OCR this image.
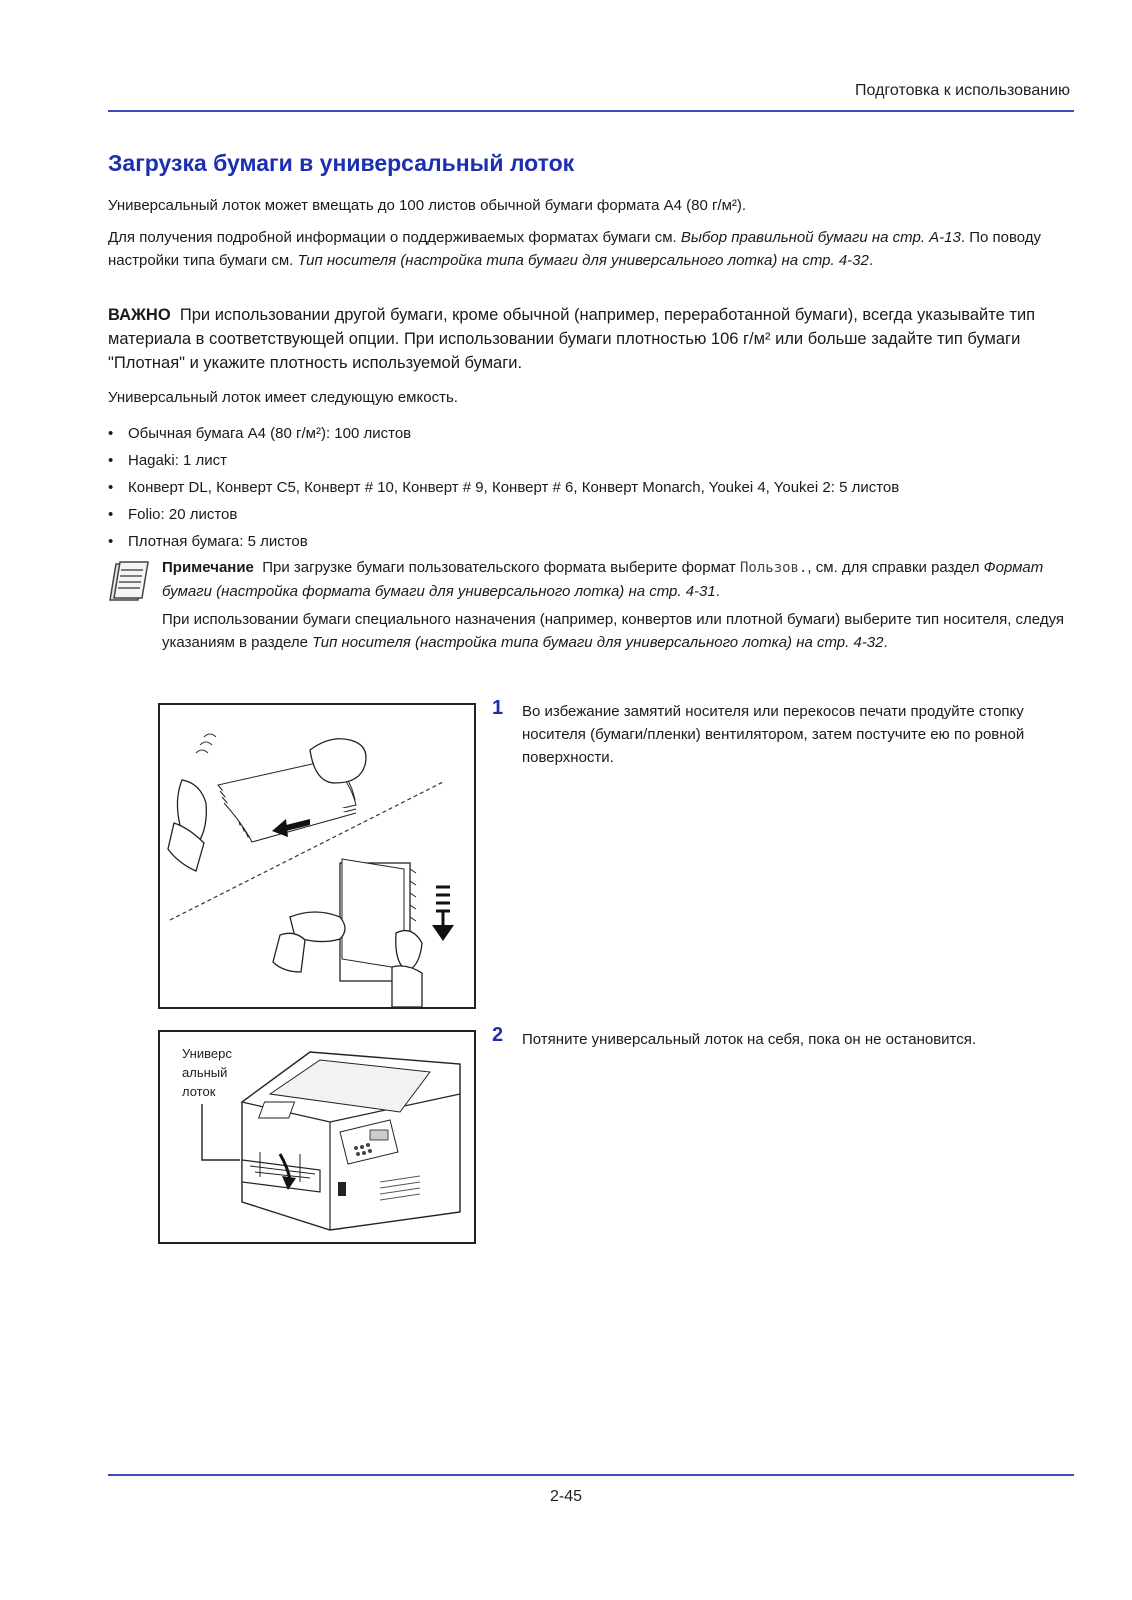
Подготовка к использованию
Загрузка бумаги в универсальный лоток
Универсальный лоток может вмещать до 100 листов обычной бумаги формата A4 (80 г/м²).
Для получения подробной информации о поддерживаемых форматах бумаги см. Выбор правильной бумаги на стр. A-13. По поводу настройки типа бумаги см. Тип носителя (настройка типа бумаги для универсального лотка) на стр. 4-32.
ВАЖНО При использовании другой бумаги, кроме обычной (например, переработанной бумаги), всегда указывайте тип материала в соответствующей опции. При использовании бумаги плотностью 106 г/м² или больше задайте тип бумаги "Плотная" и укажите плотность используемой бумаги.
Универсальный лоток имеет следующую емкость.
• Обычная бумага A4 (80 г/м²): 100 листов
• Hagaki: 1 лист
• Конверт DL, Конверт C5, Конверт # 10, Конверт # 9, Конверт # 6, Конверт Monarch, Youkei 4, Youkei 2: 5 листов
• Folio: 20 листов
• Плотная бумага: 5 листов
Примечание При загрузке бумаги пользовательского формата выберите формат Пользов., см. для справки раздел Формат бумаги (настройка формата бумаги для универсального лотка) на стр. 4-31.
При использовании бумаги специального назначения (например, конвертов или плотной бумаги) выберите тип носителя, следуя указаниям в разделе Тип носителя (настройка типа бумаги для универсального лотка) на стр. 4-32.
1 Во избежание замятий носителя или перекосов печати продуйте стопку носителя (бумаги/пленки) вентилятором, затем постучите ею по ровной поверхности.
Универс
альный
лоток
2 Потяните универсальный лоток на себя, пока он не остановится.
2-45
